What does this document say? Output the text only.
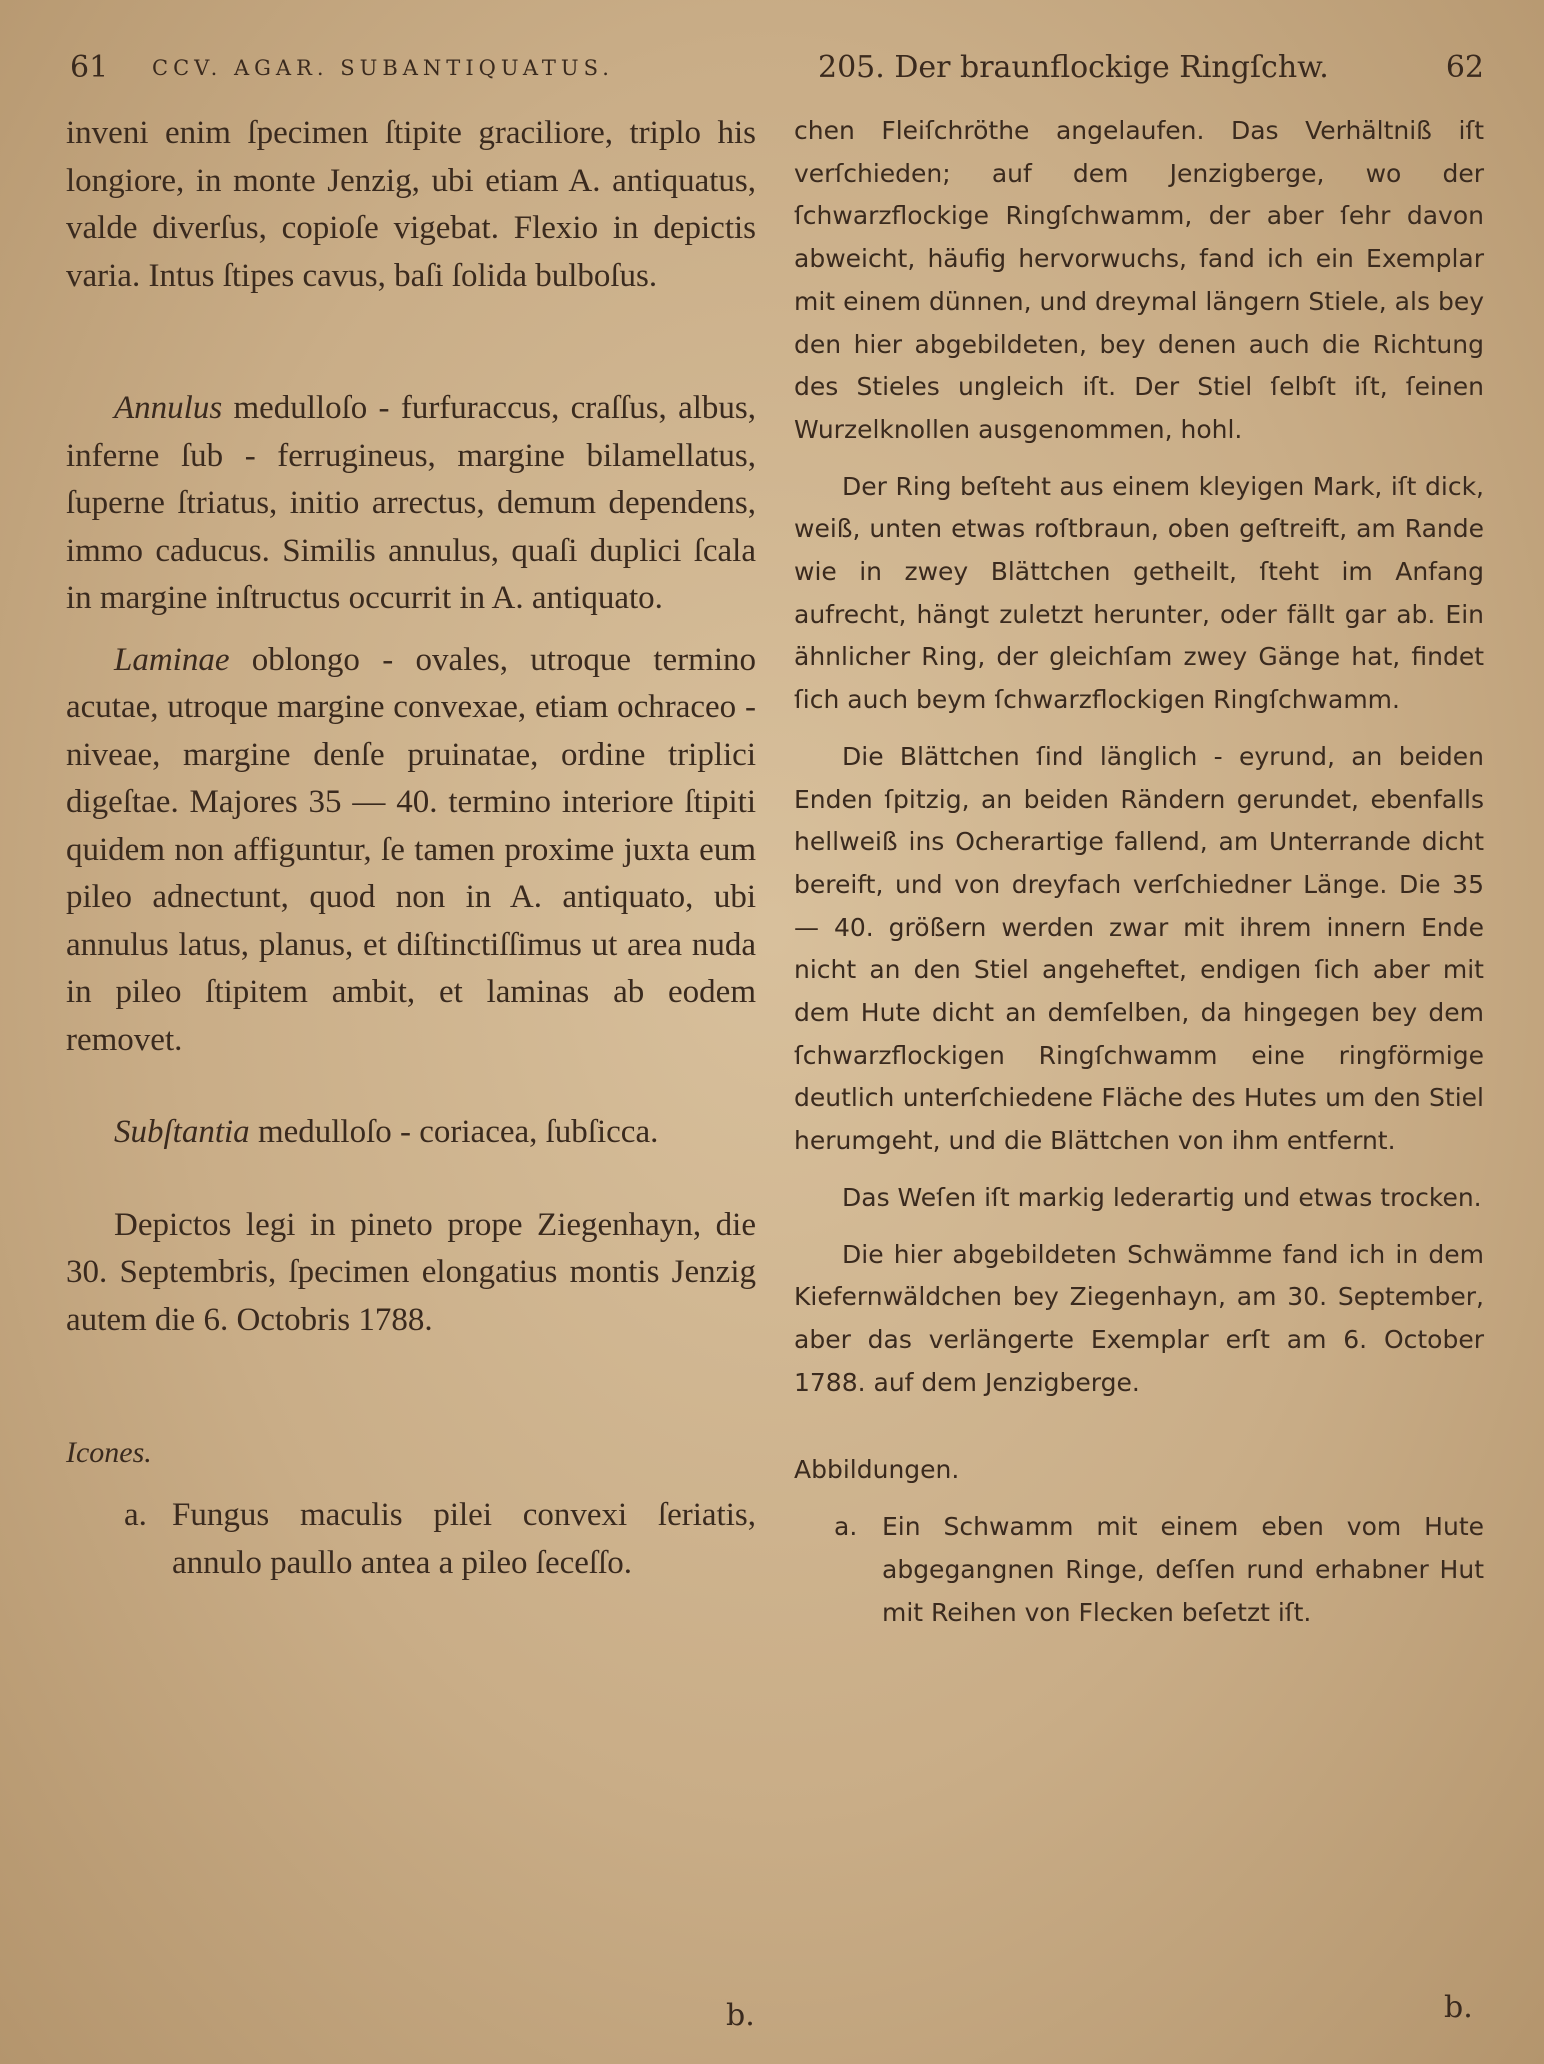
61 CCV. AGAR. SUBANTIQUATUS.

inveni enim ſpecimen ſtipite graciliore, triplo his longiore, in monte Jenzig, ubi etiam A. antiquatus, valde diverſus, copioſe vigebat. Flexio in depictis varia. Intus ſtipes cavus, baſi ſolida bulboſus.

Annulus medulloſo - furfuraccus, craſſus, albus, inferne ſub - ferrugineus, margine bilamellatus, ſuperne ſtriatus, initio arrectus, demum dependens, immo caducus. Similis annulus, quaſi duplici ſcala in margine inſtructus occurrit in A. antiquato.

Laminae oblongo - ovales, utroque termino acutae, utroque margine convexae, etiam ochraceo - niveae, margine denſe pruinatae, ordine triplici digeſtae. Majores 35 — 40. termino interiore ſtipiti quidem non affiguntur, ſe tamen proxime juxta eum pileo adnectunt, quod non in A. antiquato, ubi annulus latus, planus, et diſtinctiſſimus ut area nuda in pileo ſtipitem ambit, et laminas ab eodem removet.

Subſtantia medulloſo - coriacea, ſubſicca.

Depictos legi in pineto prope Ziegenhayn, die 30. Septembris, ſpecimen elongatius montis Jenzig autem die 6. Octobris 1788.

Icones.

a. Fungus maculis pilei convexi ſeriatis, annulo paullo antea a pileo ſeceſſo.
b.
205. Der braunflockige Ringſchw.	62

chen Fleiſchröthe angelaufen. Das Verhältniß iſt verſchieden; auf dem Jenzigberge, wo der ſchwarzflockige Ringſchwamm, der aber ſehr davon abweicht, häufig hervorwuchs, fand ich ein Exemplar mit einem dünnen, und dreymal längern Stiele, als bey den hier abgebildeten, bey denen auch die Richtung des Stieles ungleich iſt. Der Stiel ſelbſt iſt, ſeinen Wurzelknollen ausgenommen, hohl.

Der Ring beſteht aus einem kleyigen Mark, iſt dick, weiß, unten etwas roſtbraun, oben geſtreift, am Rande wie in zwey Blättchen getheilt, ſteht im Anfang aufrecht, hängt zuletzt herunter, oder fällt gar ab. Ein ähnlicher Ring, der gleichſam zwey Gänge hat, findet ſich auch beym ſchwarzflockigen Ringſchwamm.

Die Blättchen ſind länglich - eyrund, an beiden Enden ſpitzig, an beiden Rändern gerundet, ebenfalls hellweiß ins Ocherartige fallend, am Unterrande dicht bereift, und von dreyfach verſchiedner Länge. Die 35 — 40. größern werden zwar mit ihrem innern Ende nicht an den Stiel angeheftet, endigen ſich aber mit dem Hute dicht an demſelben, da hingegen bey dem ſchwarzflockigen Ringſchwamm eine ringförmige deutlich unterſchiedene Fläche des Hutes um den Stiel herumgeht, und die Blättchen von ihm entfernt.

Das Weſen iſt markig lederartig und etwas trocken.

Die hier abgebildeten Schwämme fand ich in dem Kiefernwäldchen bey Ziegenhayn, am 30. September, aber das verlängerte Exemplar erſt am 6. October 1788. auf dem Jenzigberge.

Abbildungen.

a. Ein Schwamm mit einem eben vom Hute abgegangnen Ringe, deſſen rund erhabner Hut mit Reihen von Flecken beſetzt iſt.
b.
